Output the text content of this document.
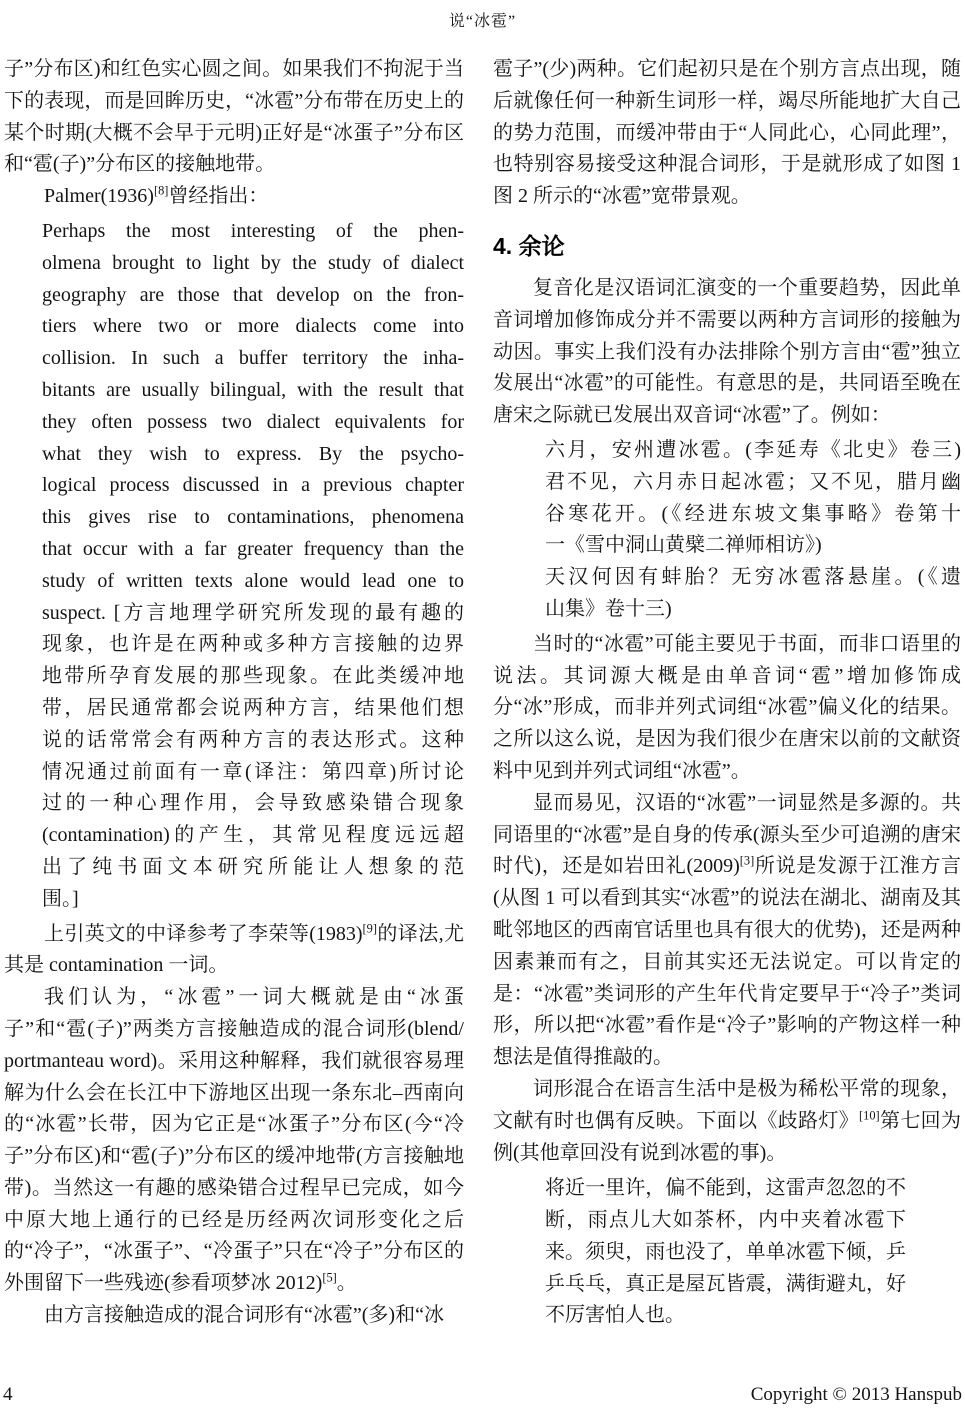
说“冰雹”

子”分布区)和红色实心圆之间。如果我们不拘泥于当下的表现，而是回眸历史，“冰雹”分布带在历史上的某个时期(大概不会早于元明)正好是“冰蛋子”分布区和“雹(子)”分布区的接触地带。

Palmer(1936)[8]曾经指出：

Perhaps the most interesting of the phen-
olmena brought to light by the study of dialect
geography are those that develop on the fron-
tiers where two or more dialects come into
collision. In such a buffer territory the inha-
bitants are usually bilingual, with the result that
they often possess two dialect equivalents for
what they wish to express. By the psycho-
logical process discussed in a previous chapter
this gives rise to contaminations, phenomena
that occur with a far greater frequency than the
study of written texts alone would lead one to
suspect. [方言地理学研究所发现的最有趣的
现象，也许是在两种或多种方言接触的边界
地带所孕育发展的那些现象。在此类缓冲地
带，居民通常都会说两种方言，结果他们想
说的话常常会有两种方言的表达形式。这种
情况通过前面有一章(译注：第四章)所讨论
过的一种心理作用，会导致感染错合现象
(contamination)的产生，其常见程度远远超
出了纯书面文本研究所能让人想象的范
围。]

上引英文的中译参考了李荣等(1983)[9]的译法,尤其是 contamination 一词。

我们认为，“冰雹”一词大概就是由“冰蛋子”和“雹(子)”两类方言接触造成的混合词形(blend/ portmanteau word)。采用这种解释，我们就很容易理解为什么会在长江中下游地区出现一条东北–西南向的“冰雹”长带，因为它正是“冰蛋子”分布区(今“冷子”分布区)和“雹(子)”分布区的缓冲地带(方言接触地带)。当然这一有趣的感染错合过程早已完成，如今中原大地上通行的已经是历经两次词形变化之后的“冷子”，“冰蛋子”、“冷蛋子”只在“冷子”分布区的外围留下一些残迹(参看项梦冰 2012)[5]。

由方言接触造成的混合词形有“冰雹”(多)和“冰

雹子”(少)两种。它们起初只是在个别方言点出现，随后就像任何一种新生词形一样，竭尽所能地扩大自己的势力范围，而缓冲带由于“人同此心，心同此理”，也特别容易接受这种混合词形，于是就形成了如图 1 图 2 所示的“冰雹”宽带景观。

4. 余论

复音化是汉语词汇演变的一个重要趋势，因此单音词增加修饰成分并不需要以两种方言词形的接触为动因。事实上我们没有办法排除个别方言由“雹”独立发展出“冰雹”的可能性。有意思的是，共同语至晚在唐宋之际就已发展出双音词“冰雹”了。例如：

六月，安州遭冰雹。(李延寿《北史》卷三)
君不见，六月赤日起冰雹；又不见，腊月幽
谷寒花开。(《经进东坡文集事略》卷第十
一《雪中洞山黄檗二禅师相访》)
天汉何因有蚌胎？无穷冰雹落悬崖。(《遗
山集》卷十三)

当时的“冰雹”可能主要见于书面，而非口语里的说法。其词源大概是由单音词“雹”增加修饰成分“冰”形成，而非并列式词组“冰雹”偏义化的结果。之所以这么说，是因为我们很少在唐宋以前的文献资料中见到并列式词组“冰雹”。

显而易见，汉语的“冰雹”一词显然是多源的。共同语里的“冰雹”是自身的传承(源头至少可追溯的唐宋时代)，还是如岩田礼(2009)[3]所说是发源于江淮方言(从图 1 可以看到其实“冰雹”的说法在湖北、湖南及其毗邻地区的西南官话里也具有很大的优势)，还是两种因素兼而有之，目前其实还无法说定。可以肯定的是：“冰雹”类词形的产生年代肯定要早于“冷子”类词形，所以把“冰雹”看作是“冷子”影响的产物这样一种想法是值得推敲的。

词形混合在语言生活中是极为稀松平常的现象，文献有时也偶有反映。下面以《歧路灯》[10]第七回为例(其他章回没有说到冰雹的事)。

将近一里许，偏不能到，这雷声忽忽的不断，雨点儿大如茶杯，内中夹着冰雹下来。须臾，雨也没了，单单冰雹下倾，乒乒乓乓，真正是屋瓦皆震，满街避丸，好不厉害怕人也。
4	Copyright © 2013 Hanspub
